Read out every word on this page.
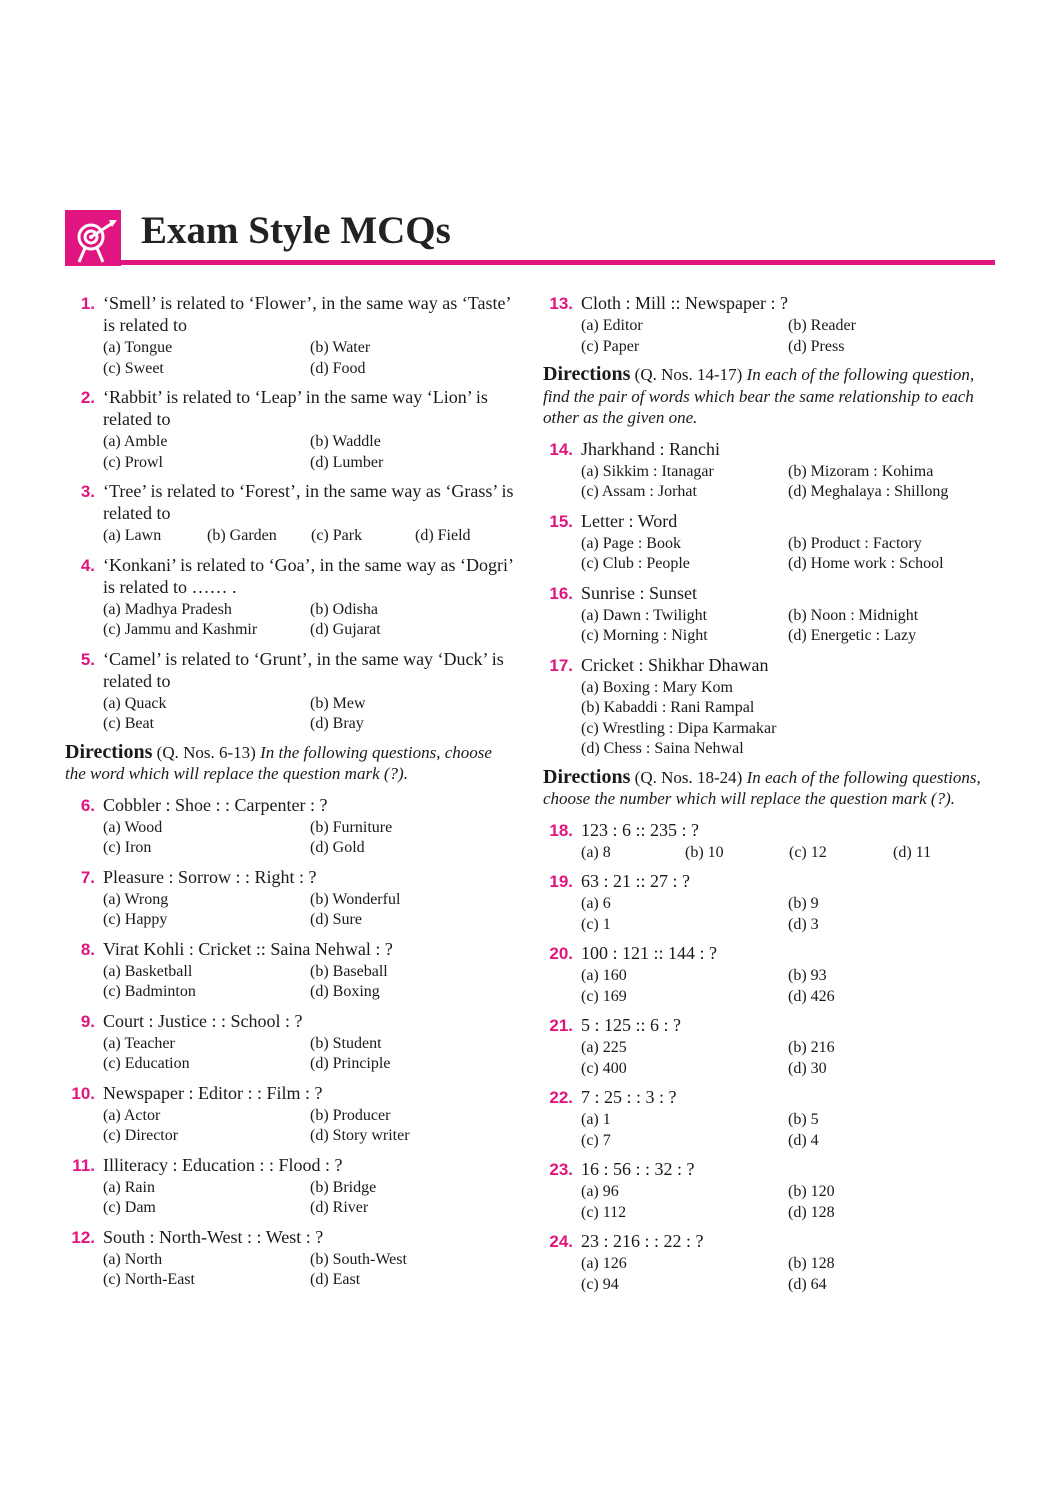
Exam Style MCQs
1. ‘Smell’ is related to ‘Flower’, in the same way as ‘Taste’ is related to
(a) Tongue	(b) Water
(c) Sweet	(d) Food
2. ‘Rabbit’ is related to ‘Leap’ in the same way ‘Lion’ is related to
(a) Amble	(b) Waddle
(c) Prowl	(d) Lumber
3. ‘Tree’ is related to ‘Forest’, in the same way as ‘Grass’ is related to
(a) Lawn	(b) Garden	(c) Park	(d) Field
4. ‘Konkani’ is related to ‘Goa’, in the same way as ‘Dogri’ is related to …… .
(a) Madhya Pradesh	(b) Odisha
(c) Jammu and Kashmir	(d) Gujarat
5. ‘Camel’ is related to ‘Grunt’, in the same way ‘Duck’ is related to
(a) Quack	(b) Mew
(c) Beat	(d) Bray
Directions (Q. Nos. 6-13) In the following questions, choose the word which will replace the question mark (?).
6. Cobbler : Shoe : : Carpenter : ?
(a) Wood	(b) Furniture
(c) Iron	(d) Gold
7. Pleasure : Sorrow : : Right : ?
(a) Wrong	(b) Wonderful
(c) Happy	(d) Sure
8. Virat Kohli : Cricket :: Saina Nehwal : ?
(a) Basketball	(b) Baseball
(c) Badminton	(d) Boxing
9. Court : Justice : : School : ?
(a) Teacher	(b) Student
(c) Education	(d) Principle
10. Newspaper : Editor : : Film : ?
(a) Actor	(b) Producer
(c) Director	(d) Story writer
11. Illiteracy : Education : : Flood : ?
(a) Rain	(b) Bridge
(c) Dam	(d) River
12. South : North-West : : West : ?
(a) North	(b) South-West
(c) North-East	(d) East
13. Cloth : Mill :: Newspaper : ?
(a) Editor	(b) Reader
(c) Paper	(d) Press
Directions (Q. Nos. 14-17) In each of the following question, find the pair of words which bear the same relationship to each other as the given one.
14. Jharkhand : Ranchi
(a) Sikkim : Itanagar	(b) Mizoram : Kohima
(c) Assam : Jorhat	(d) Meghalaya : Shillong
15. Letter : Word
(a) Page : Book	(b) Product : Factory
(c) Club : People	(d) Home work : School
16. Sunrise : Sunset
(a) Dawn : Twilight	(b) Noon : Midnight
(c) Morning : Night	(d) Energetic : Lazy
17. Cricket : Shikhar Dhawan
(a) Boxing : Mary Kom
(b) Kabaddi : Rani Rampal
(c) Wrestling : Dipa Karmakar
(d) Chess : Saina Nehwal
Directions (Q. Nos. 18-24) In each of the following questions, choose the number which will replace the question mark (?).
18. 123 : 6 :: 235 : ?
(a) 8	(b) 10	(c) 12	(d) 11
19. 63 : 21 :: 27 : ?
(a) 6	(b) 9
(c) 1	(d) 3
20. 100 : 121 :: 144 : ?
(a) 160	(b) 93
(c) 169	(d) 426
21. 5 : 125 :: 6 : ?
(a) 225	(b) 216
(c) 400	(d) 30
22. 7 : 25 : : 3 : ?
(a) 1	(b) 5
(c) 7	(d) 4
23. 16 : 56 : : 32 : ?
(a) 96	(b) 120
(c) 112	(d) 128
24. 23 : 216 : : 22 : ?
(a) 126	(b) 128
(c) 94	(d) 64
